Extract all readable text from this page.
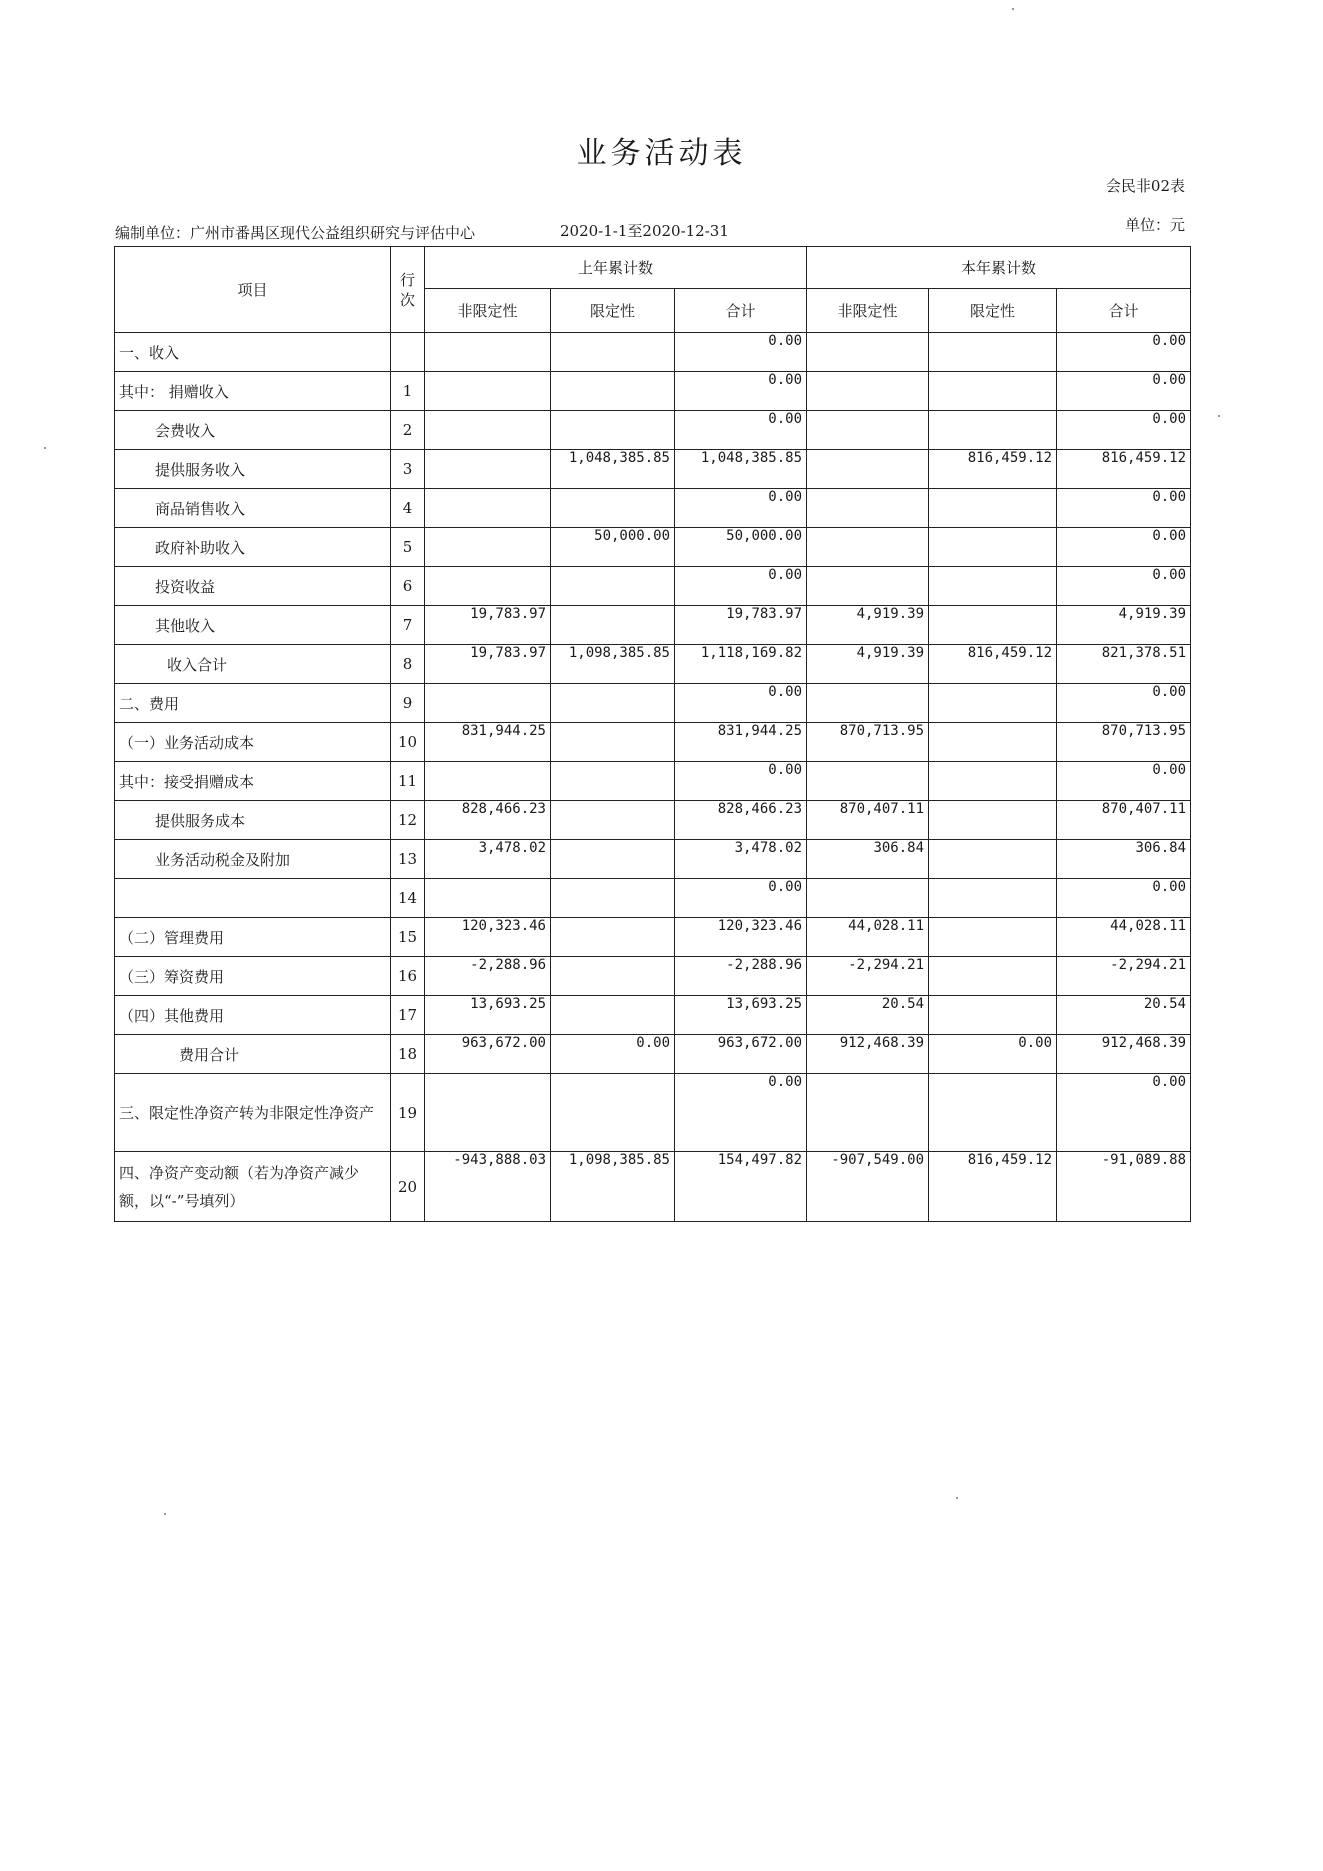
业务活动表
会民非02表
编制单位：广州市番禺区现代公益组织研究与评估中心	2020-1-1至2020-12-31	单位：元
项目	行次	上年累计数			本年累计数		
		非限定性	限定性	合计	非限定性	限定性	合计
一、收入				0.00			0.00
其中： 捐赠收入	1			0.00			0.00
会费收入	2			0.00			0.00
提供服务收入	3		1,048,385.85	1,048,385.85		816,459.12	816,459.12
商品销售收入	4			0.00			0.00
政府补助收入	5		50,000.00	50,000.00			0.00
投资收益	6			0.00			0.00
其他收入	7	19,783.97		19,783.97	4,919.39		4,919.39
收入合计	8	19,783.97	1,098,385.85	1,118,169.82	4,919.39	816,459.12	821,378.51
二、费用	9			0.00			0.00
（一）业务活动成本	10	831,944.25		831,944.25	870,713.95		870,713.95
其中：接受捐赠成本	11			0.00			0.00
提供服务成本	12	828,466.23		828,466.23	870,407.11		870,407.11
业务活动税金及附加	13	3,478.02		3,478.02	306.84		306.84
	14			0.00			0.00
（二）管理费用	15	120,323.46		120,323.46	44,028.11		44,028.11
（三）筹资费用	16	-2,288.96		-2,288.96	-2,294.21		-2,294.21
（四）其他费用	17	13,693.25		13,693.25	20.54		20.54
费用合计	18	963,672.00	0.00	963,672.00	912,468.39	0.00	912,468.39
三、限定性净资产转为非限定性净资产	19			0.00			0.00
四、净资产变动额（若为净资产减少额，以“-”号填列）	20	-943,888.03	1,098,385.85	154,497.82	-907,549.00	816,459.12	-91,089.88
